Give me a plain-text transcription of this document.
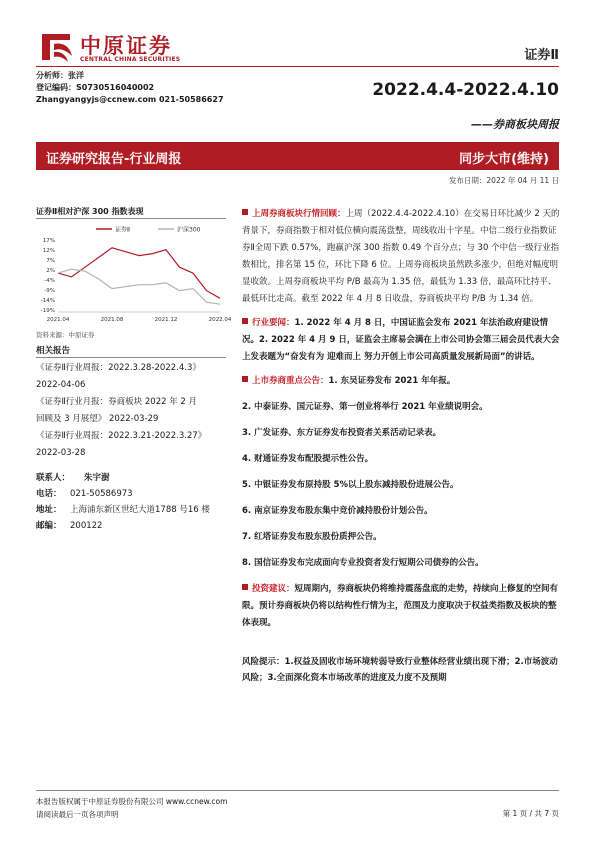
中原证券
CENTRAL CHINA SECURITIES	证券Ⅱ
分析师：张洋
登记编码：S0730516040002
Zhangyangyjs@ccnew.com 021-50586627	2022.4.4-2022.4.10
——券商板块周报
证券研究报告-行业周报	同步大市(维持)
发布日期：2022 年 04 月 11 日
证券Ⅱ相对沪深 300 指数表现
证券Ⅱ	沪深300
17%
12%
7%
2%
-4%
-9%
-14%
-19%
2021.04	2021.08	2021.12	2022.04
资料来源：中原证券
相关报告
《证券Ⅱ行业周报：2022.3.28-2022.4.3》
2022-04-06
《证券Ⅱ行业月报：券商板块 2022 年 2 月
回顾及 3 月展望》 2022-03-29
《证券Ⅱ行业周报：2022.3.21-2022.3.27》
2022-03-28
联系人：	朱宇澍
电话： 021-50586973
地址： 上海浦东新区世纪大道1788 号16 楼
邮编： 200122
上周券商板块行情回顾：上周（2022.4.4-2022.4.10）在交易日环比减少 2 天的背景下，券商指数于相对低位横向震荡盘整，周线收出十字星。中信二级行业指数证券Ⅱ全周下跌 0.57%，跑赢沪深 300 指数 0.49 个百分点；与 30 个中信一级行业指数相比，排名第 15 位，环比下降 6 位。上周券商板块虽然跌多涨少，但绝对幅度明显收敛。上周券商板块平均 P/B 最高为 1.35 倍，最低为 1.33 倍，最高环比持平、最低环比走高。截至 2022 年 4 月 8 日收盘，券商板块平均 P/B 为 1.34 倍。
行业要闻：1. 2022 年 4 月 8 日，中国证监会发布 2021 年法治政府建设情况。2. 2022 年 4 月 9 日，证监会主席易会满在上市公司协会第三届会员代表大会上发表题为“奋发有为 迎难而上 努力开创上市公司高质量发展新局面”的讲话。
上市券商重点公告：1. 东吴证券发布 2021 年年报。
2. 中泰证券、国元证券、第一创业将举行 2021 年业绩说明会。
3. 广发证券、东方证券发布投资者关系活动记录表。
4. 财通证券发布配股提示性公告。
5. 中银证券发布原持股 5%以上股东减持股份进展公告。
6. 南京证券发布股东集中竞价减持股份计划公告。
7. 红塔证券发布股东股份质押公告。
8. 国信证券发布完成面向专业投资者发行短期公司债券的公告。
投资建议：短周期内，券商板块仍将维持震荡盘底的走势，持续向上修复的空间有限。预计券商板块仍将以结构性行情为主，范围及力度取决于权益类指数及板块的整体表现。
风险提示：1.权益及固收市场环境转弱导致行业整体经营业绩出现下滑；2.市场波动风险；3.全面深化资本市场改革的进度及力度不及预期
本报告版权属于中原证券股份有限公司 www.ccnew.com
请阅读最后一页各项声明	第 1 页 / 共 7 页
